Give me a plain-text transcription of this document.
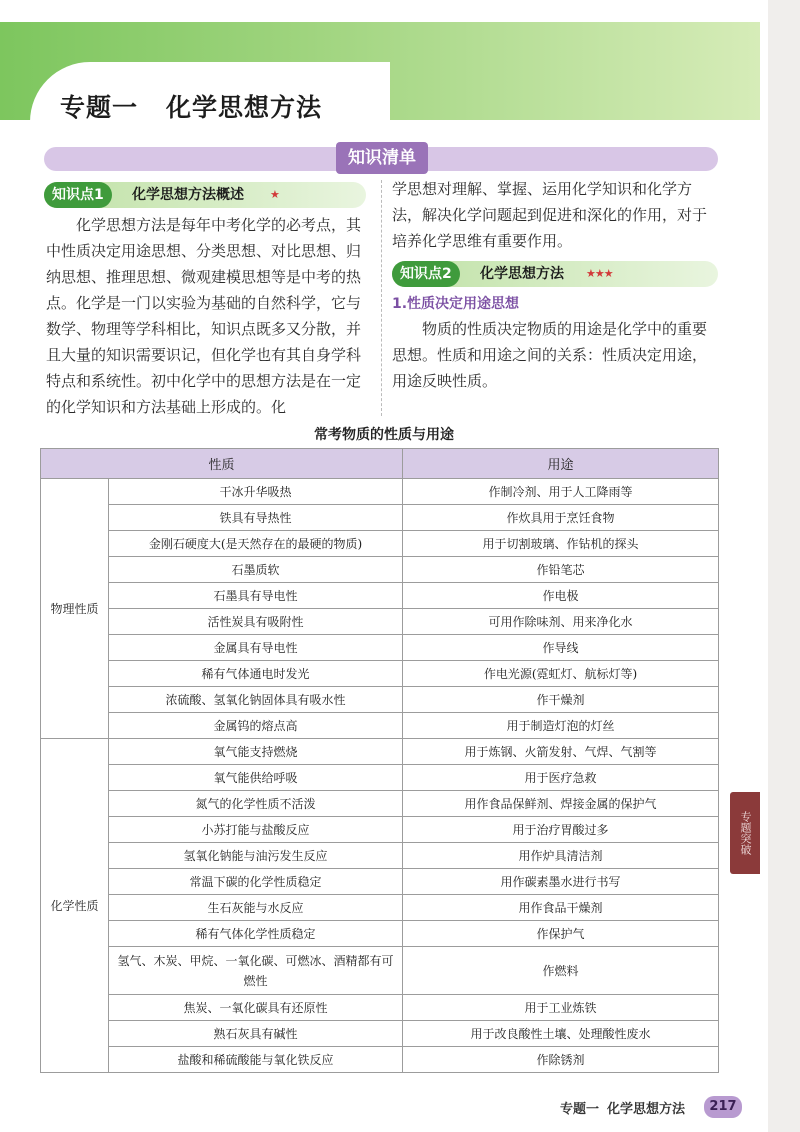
专题一 化学思想方法
知识清单
知识点1	化学思想方法概述 ★

化学思想方法是每年中考化学的必考点，其中性质决定用途思想、分类思想、对比思想、归纳思想、推理思想、微观建模思想等是中考的热点。化学是一门以实验为基础的自然科学，它与数学、物理等学科相比，知识点既多又分散，并且大量的知识需要识记，但化学也有其自身学科特点和系统性。初中化学中的思想方法是在一定的化学知识和方法基础上形成的。化

学思想对理解、掌握、运用化学知识和化学方法，解决化学问题起到促进和深化的作用，对于培养化学思维有重要作用。

知识点2	化学思想方法 ★★★
1.性质决定用途思想

物质的性质决定物质的用途是化学中的重要思想。性质和用途之间的关系：性质决定用途，用途反映性质。

常考物质的性质与用途
性质		用途
物理性质	干冰升华吸热	作制冷剂、用于人工降雨等
	铁具有导热性	作炊具用于烹饪食物
	金刚石硬度大(是天然存在的最硬的物质)	用于切割玻璃、作钻机的探头
	石墨质软	作铅笔芯
	石墨具有导电性	作电极
	活性炭具有吸附性	可用作除味剂、用来净化水
	金属具有导电性	作导线
	稀有气体通电时发光	作电光源(霓虹灯、航标灯等)
	浓硫酸、氢氧化钠固体具有吸水性	作干燥剂
	金属钨的熔点高	用于制造灯泡的灯丝
化学性质	氧气能支持燃烧	用于炼钢、火箭发射、气焊、气割等
	氧气能供给呼吸	用于医疗急救
	氮气的化学性质不活泼	用作食品保鲜剂、焊接金属的保护气
	小苏打能与盐酸反应	用于治疗胃酸过多
	氢氧化钠能与油污发生反应	用作炉具清洁剂
	常温下碳的化学性质稳定	用作碳素墨水进行书写
	生石灰能与水反应	用作食品干燥剂
	稀有气体化学性质稳定	作保护气
	氢气、木炭、甲烷、一氧化碳、可燃冰、酒精都有可燃性	作燃料
	焦炭、一氧化碳具有还原性	用于工业炼铁
	熟石灰具有碱性	用于改良酸性土壤、处理酸性废水
	盐酸和稀硫酸能与氧化铁反应	作除锈剂
专题突破
专题一 化学思想方法	217
